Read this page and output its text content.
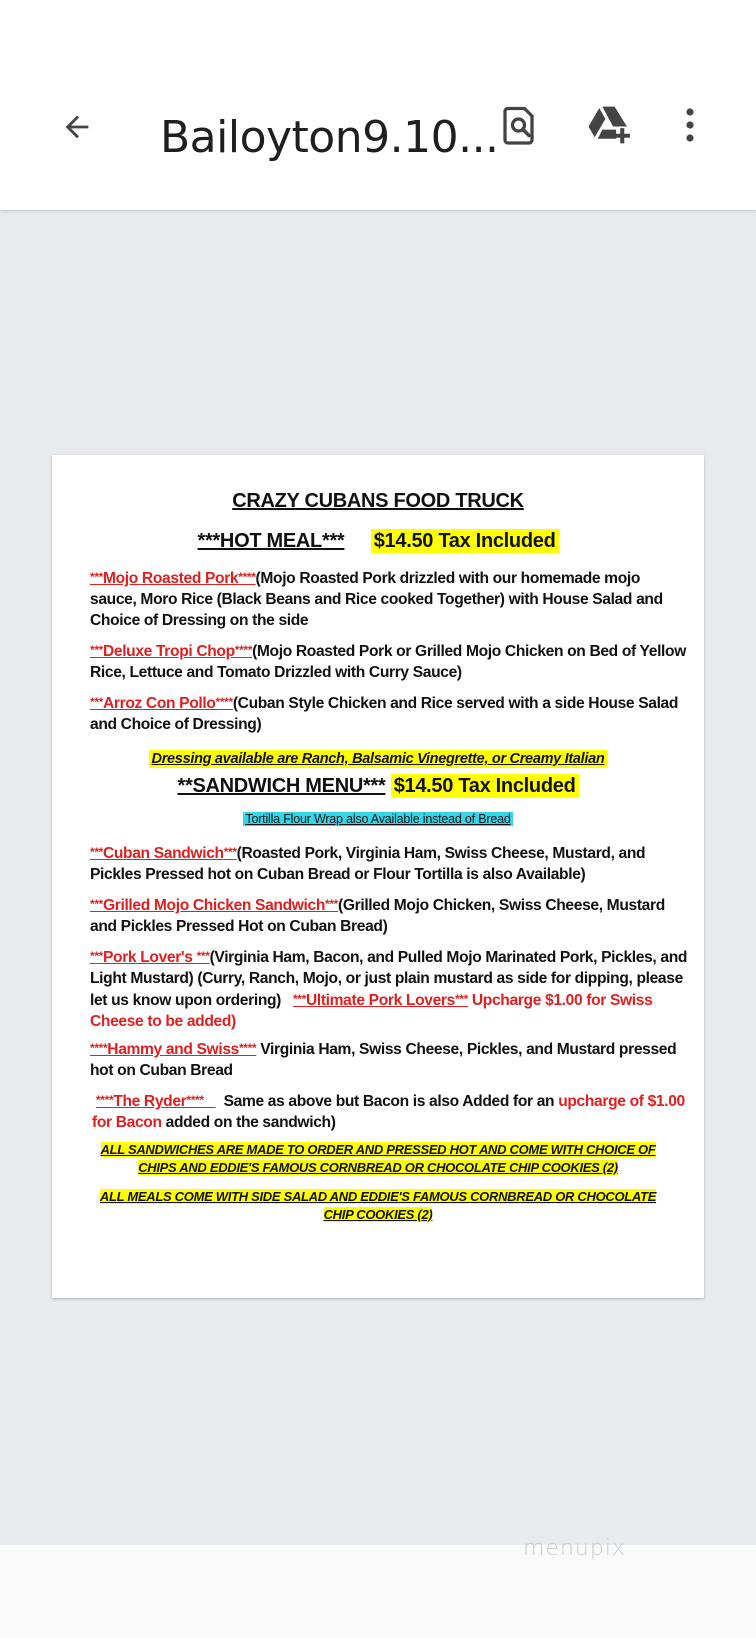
Bailoyton9.10...
CRAZY CUBANS FOOD TRUCK
***HOT MEAL*** $14.50 Tax Included
***Mojo Roasted Pork****(Mojo Roasted Pork drizzled with our homemade mojo sauce, Moro Rice (Black Beans and Rice cooked Together) with House Salad and Choice of Dressing on the side
***Deluxe Tropi Chop****(Mojo Roasted Pork or Grilled Mojo Chicken on Bed of Yellow Rice, Lettuce and Tomato Drizzled with Curry Sauce)
***Arroz Con Pollo****(Cuban Style Chicken and Rice served with a side House Salad and Choice of Dressing)
Dressing available are Ranch, Balsamic Vinegrette, or Creamy Italian
**SANDWICH MENU*** $14.50 Tax Included
Tortilla Flour Wrap also Available instead of Bread
***Cuban Sandwich***(Roasted Pork, Virginia Ham, Swiss Cheese, Mustard, and Pickles Pressed hot on Cuban Bread or Flour Tortilla is also Available)
***Grilled Mojo Chicken Sandwich***(Grilled Mojo Chicken, Swiss Cheese, Mustard and Pickles Pressed Hot on Cuban Bread)
***Pork Lover's ***(Virginia Ham, Bacon, and Pulled Mojo Marinated Pork, Pickles, and Light Mustard) (Curry, Ranch, Mojo, or just plain mustard as side for dipping, please let us know upon ordering) ***Ultimate Pork Lovers*** Upcharge $1.00 for Swiss Cheese to be added)
****Hammy and Swiss**** Virginia Ham, Swiss Cheese, Pickles, and Mustard pressed hot on Cuban Bread
****The Ryder**** Same as above but Bacon is also Added for an upcharge of $1.00 for Bacon added on the sandwich)
ALL SANDWICHES ARE MADE TO ORDER AND PRESSED HOT AND COME WITH CHOICE OF CHIPS AND EDDIE'S FAMOUS CORNBREAD OR CHOCOLATE CHIP COOKIES (2)
ALL MEALS COME WITH SIDE SALAD AND EDDIE'S FAMOUS CORNBREAD OR CHOCOLATE CHIP COOKIES (2)
menupix
